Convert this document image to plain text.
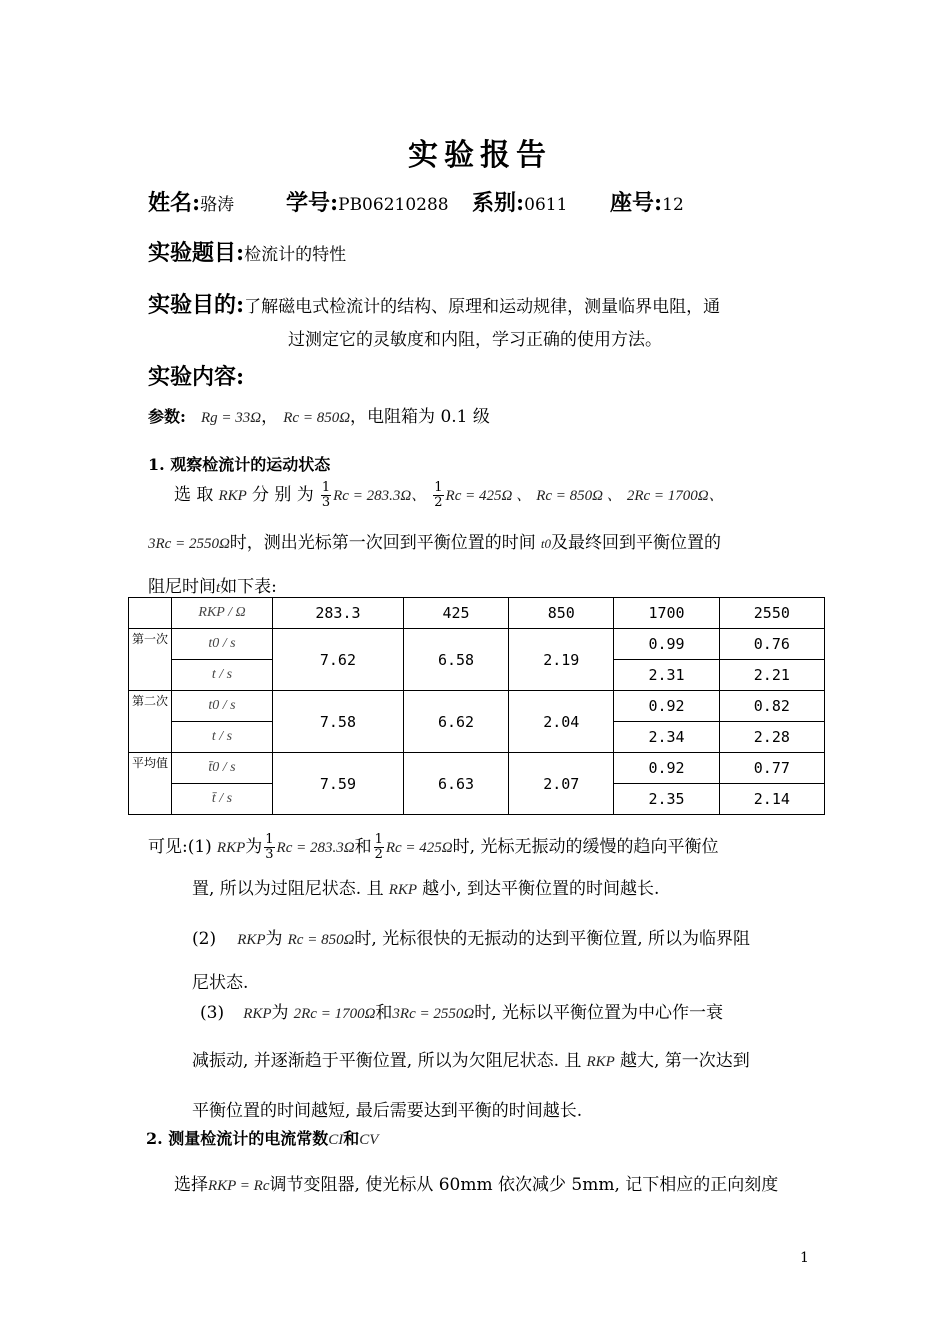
实验报告
姓名:骆涛 学号:PB06210288 系别:0611 座号:12
实验题目:检流计的特性
实验目的:了解磁电式检流计的结构、原理和运动规律，测量临界电阻，通
过测定它的灵敏度和内阻，学习正确的使用方法。
实验内容:
参数: Rg = 33Ω， Rc = 850Ω，电阻箱为 0.1 级
1. 观察检流计的运动状态
选 取 RKP 分 别 为 $\frac{1}{3}$ Rc = 283.3Ω、 $\frac{1}{2}$ Rc = 425Ω 、 Rc = 850Ω 、 2Rc = 1700Ω、
3Rc = 2550Ω时，测出光标第一次回到平衡位置的时间 t0及最终回到平衡位置的
阻尼时间t如下表:
	RKP / Ω	283.3	425	850	1700	2550
第一次	t0 / s	7.62	6.58	2.19	0.99	0.76
	t / s				2.31	2.21
第二次	t0 / s	7.58	6.62	2.04	0.92	0.82
	t / s				2.34	2.28
平均值	t̄0 / s	7.59	6.63	2.07	0.92	0.77
	t̄ / s				2.35	2.14
可见:(1) RKP为 $\frac{1}{3}$ Rc = 283.3Ω和 $\frac{1}{2}$ Rc = 425Ω时, 光标无振动的缓慢的趋向平衡位
置, 所以为过阻尼状态. 且 RKP 越小, 到达平衡位置的时间越长.
(2) RKP为 Rc = 850Ω时, 光标很快的无振动的达到平衡位置, 所以为临界阻
尼状态.
(3) RKP为 2Rc = 1700Ω和3Rc = 2550Ω时, 光标以平衡位置为中心作一衰
减振动, 并逐渐趋于平衡位置, 所以为欠阻尼状态. 且 RKP 越大, 第一次达到
平衡位置的时间越短, 最后需要达到平衡的时间越长.
2. 测量检流计的电流常数CI和CV
选择RKP = Rc调节变阻器, 使光标从 60mm 依次减少 5mm, 记下相应的正向刻度
1
